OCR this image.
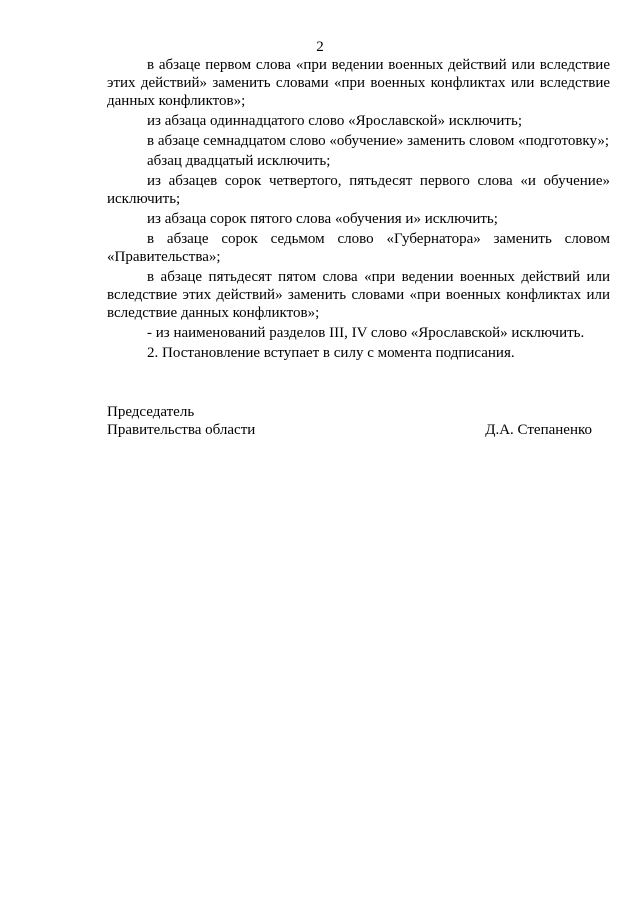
2

в абзаце первом слова «при ведении военных действий или вследствие этих действий» заменить словами «при военных конфликтах или вследствие данных конфликтов»;

из абзаца одиннадцатого слово «Ярославской» исключить;

в абзаце семнадцатом слово «обучение» заменить словом «подготовку»;

абзац двадцатый исключить;

из абзацев сорок четвертого, пятьдесят первого слова «и обучение» исключить;

из абзаца сорок пятого слова «обучения и» исключить;

в абзаце сорок седьмом слово «Губернатора» заменить словом «Правительства»;

в абзаце пятьдесят пятом слова «при ведении военных действий или вследствие этих действий» заменить словами «при военных конфликтах или вследствие данных конфликтов»;

- из наименований разделов III, IV слово «Ярославской» исключить.

2. Постановление вступает в силу с момента подписания.

Председатель
Правительства области	Д.А. Степаненко
